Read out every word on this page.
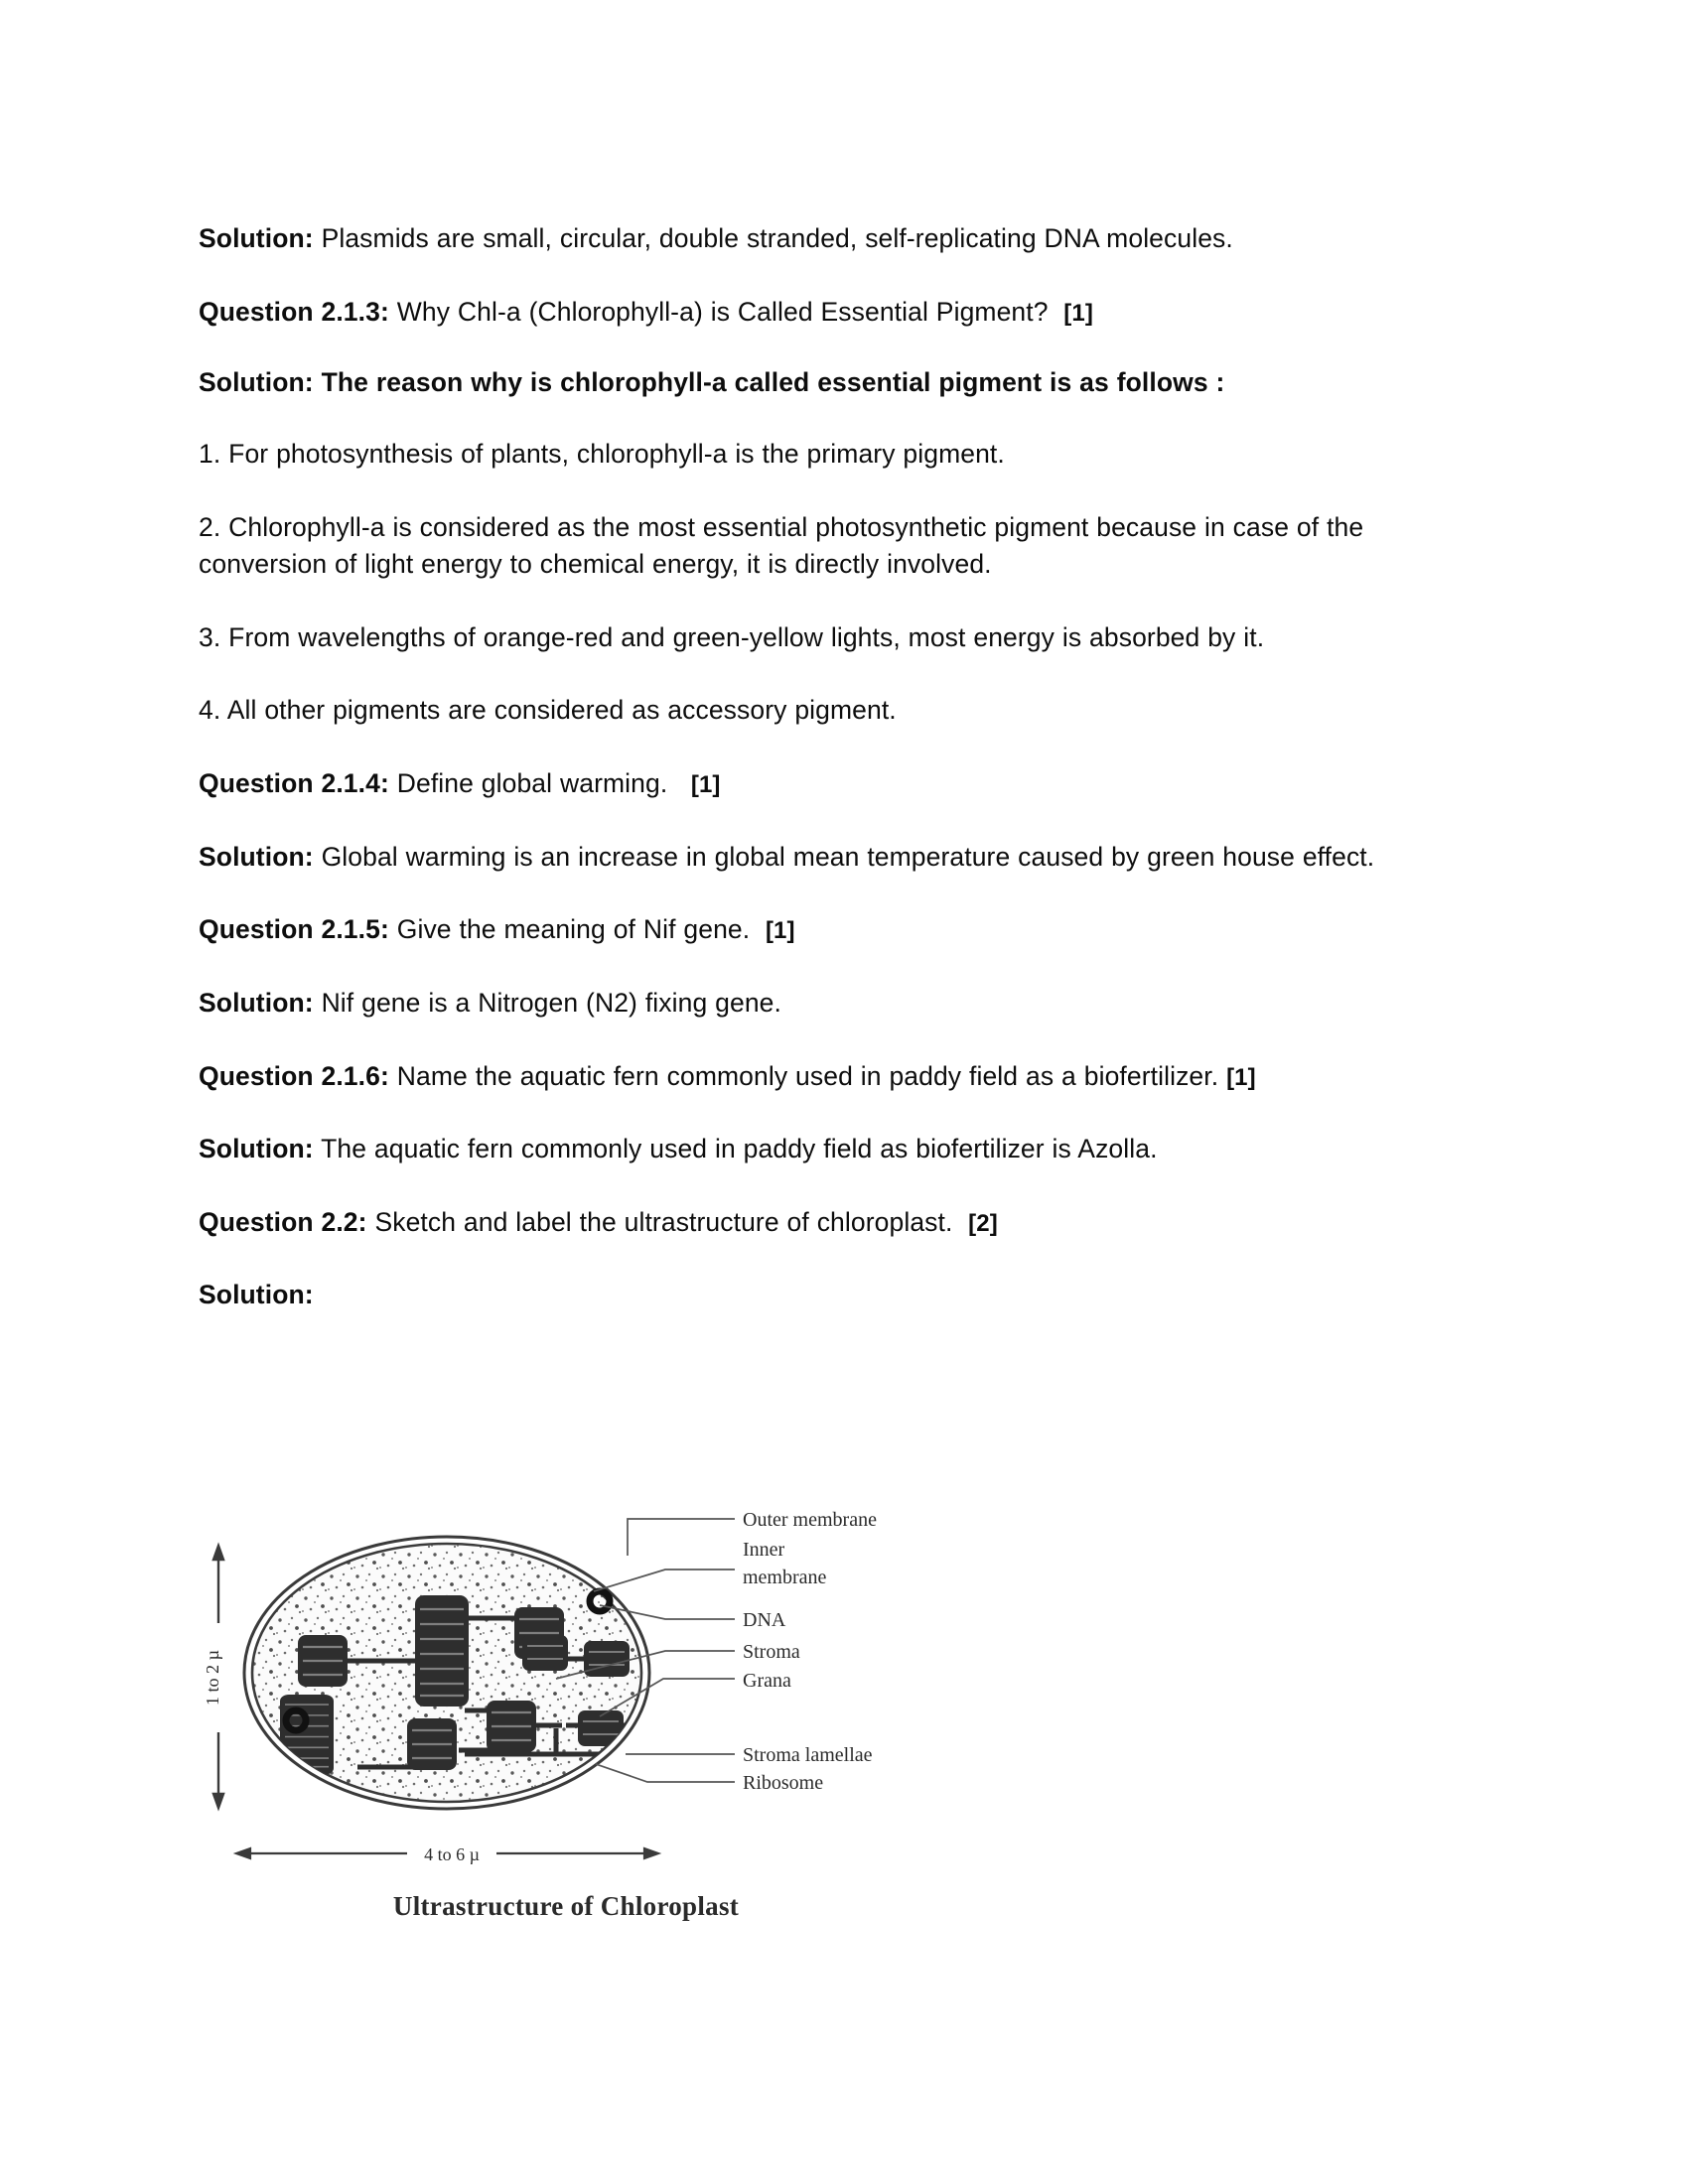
Solution: Plasmids are small, circular, double stranded, self-replicating DNA molecules.

Question 2.1.3: Why Chl-a (Chlorophyll-a) is Called Essential Pigment? [1]

Solution: The reason why is chlorophyll-a called essential pigment is as follows :

1. For photosynthesis of plants, chlorophyll-a is the primary pigment.

2. Chlorophyll-a is considered as the most essential photosynthetic pigment because in case of the conversion of light energy to chemical energy, it is directly involved.

3. From wavelengths of orange-red and green-yellow lights, most energy is absorbed by it.

4. All other pigments are considered as accessory pigment.

Question 2.1.4: Define global warming. [1]

Solution: Global warming is an increase in global mean temperature caused by green house effect.

Question 2.1.5: Give the meaning of Nif gene. [1]

Solution: Nif gene is a Nitrogen (N2) fixing gene.

Question 2.1.6: Name the aquatic fern commonly used in paddy field as a biofertilizer. [1]

Solution: The aquatic fern commonly used in paddy field as biofertilizer is Azolla.

Question 2.2: Sketch and label the ultrastructure of chloroplast. [2]

Solution:

1 to 2 µ
4 to 6 µ
Outer membrane
Inner
membrane
DNA
Stroma
Grana
Stroma lamellae
Ribosome
Ultrastructure of Chloroplast
